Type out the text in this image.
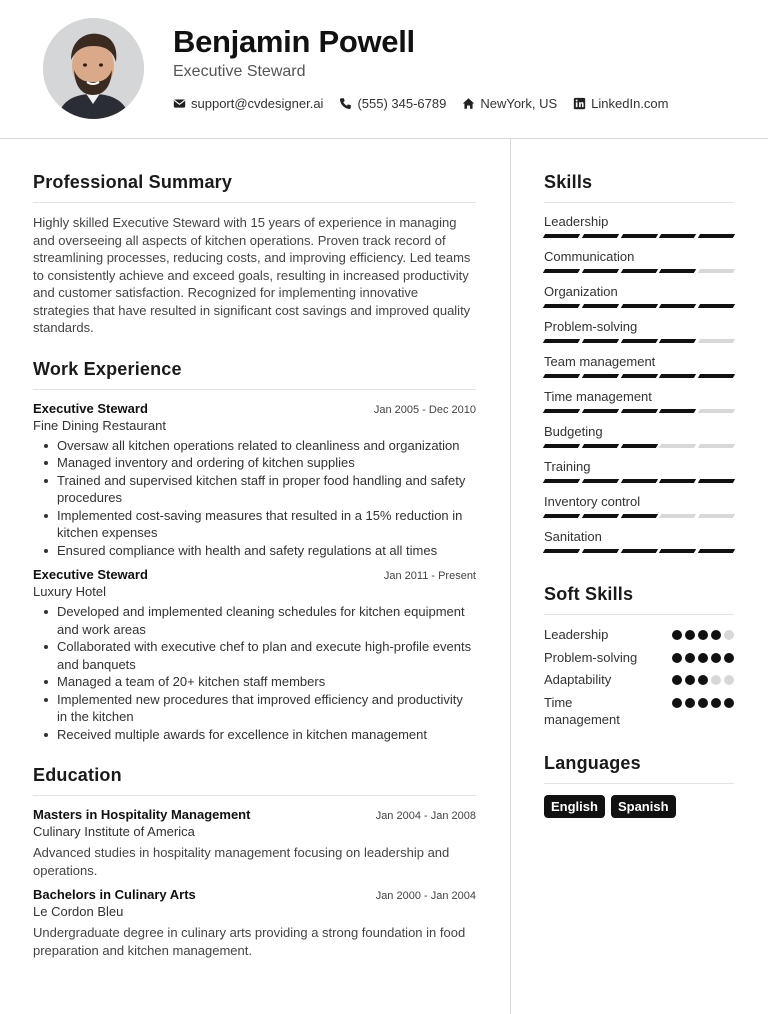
Benjamin Powell
Executive Steward
support@cvdesigner.ai	(555) 345-6789	NewYork, US	LinkedIn.com
Professional Summary

Highly skilled Executive Steward with 15 years of experience in managing and overseeing all aspects of kitchen operations. Proven track record of streamlining processes, reducing costs, and improving efficiency. Led teams to consistently achieve and exceed goals, resulting in increased productivity and customer satisfaction. Recognized for implementing innovative strategies that have resulted in significant cost savings and improved quality standards.

Work Experience
Executive Steward	Jan 2005 - Dec 2010
Fine Dining Restaurant
Oversaw all kitchen operations related to cleanliness and organization
Managed inventory and ordering of kitchen supplies
Trained and supervised kitchen staff in proper food handling and safety procedures
Implemented cost-saving measures that resulted in a 15% reduction in kitchen expenses
Ensured compliance with health and safety regulations at all times
Executive Steward	Jan 2011 - Present
Luxury Hotel
Developed and implemented cleaning schedules for kitchen equipment and work areas
Collaborated with executive chef to plan and execute high-profile events and banquets
Managed a team of 20+ kitchen staff members
Implemented new procedures that improved efficiency and productivity in the kitchen
Received multiple awards for excellence in kitchen management
Education
Masters in Hospitality Management	Jan 2004 - Jan 2008
Culinary Institute of America

Advanced studies in hospitality management focusing on leadership and operations.

Bachelors in Culinary Arts	Jan 2000 - Jan 2004
Le Cordon Bleu

Undergraduate degree in culinary arts providing a strong foundation in food preparation and kitchen management.

Skills
Leadership
Communication
Organization
Problem-solving
Team management
Time management
Budgeting
Training
Inventory control
Sanitation
Soft Skills
Leadership
Problem-solving
Adaptability
Time management
Languages
English	Spanish
